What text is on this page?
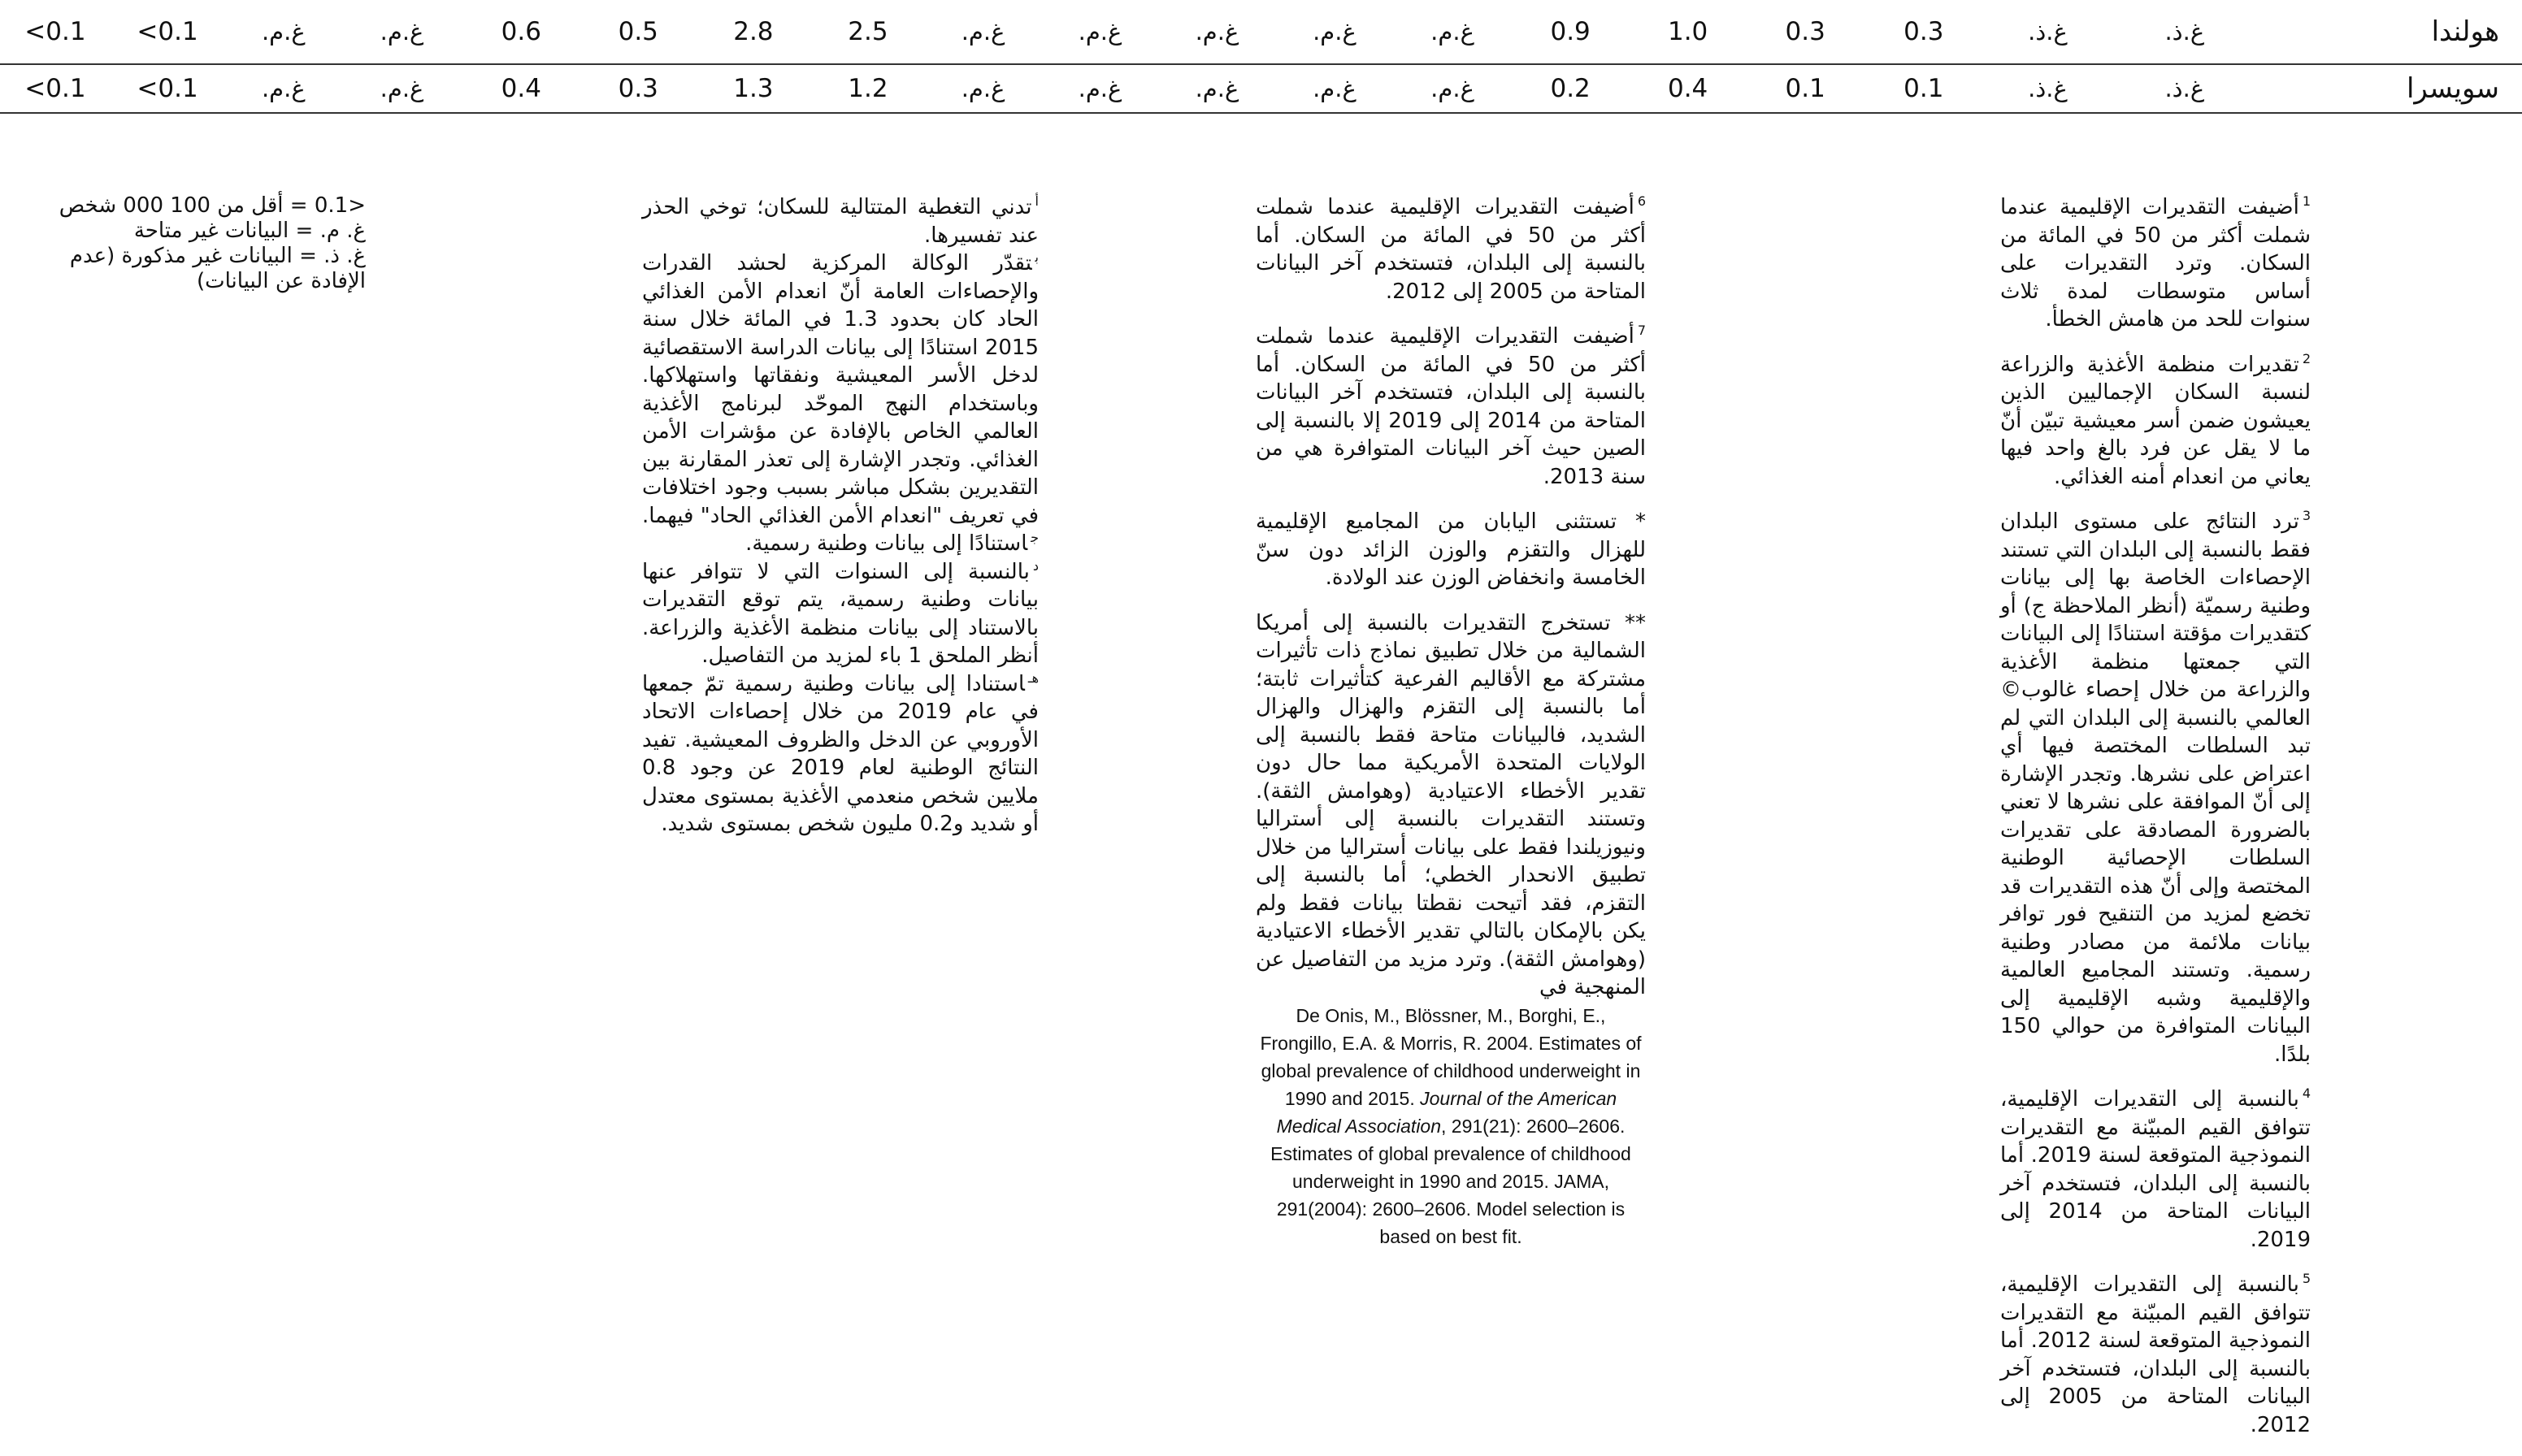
<0.1	<0.1	غ.م.	غ.م.	0.6	0.5	2.8	2.5	غ.م.	غ.م.	غ.م.	غ.م.	غ.م.	0.9	1.0	0.3	0.3	غ.ذ.	غ.ذ.	هولندا
<0.1	<0.1	غ.م.	غ.م.	0.4	0.3	1.3	1.2	غ.م.	غ.م.	غ.م.	غ.م.	غ.م.	0.2	0.4	0.1	0.1	غ.ذ.	غ.ذ.	سويسرا

$^1$أضيفت التقديرات الإقليمية عندما شملت أكثر من 50 في المائة من السكان. وترد التقديرات على أساس متوسطات لمدة ثلاث سنوات للحد من هامش الخطأ.

$^2$تقديرات منظمة الأغذية والزراعة لنسبة السكان الإجماليين الذين يعيشون ضمن أسر معيشية تبيّن أنّ ما لا يقل عن فرد بالغ واحد فيها يعاني من انعدام أمنه الغذائي.

$^3$ترد النتائج على مستوى البلدان فقط بالنسبة إلى البلدان التي تستند الإحصاءات الخاصة بها إلى بيانات وطنية رسميّة (أنظر الملاحظة ج) أو كتقديرات مؤقتة استنادًا إلى البيانات التي جمعتها منظمة الأغذية والزراعة من خلال إحصاء غالوب© العالمي بالنسبة إلى البلدان التي لم تبد السلطات المختصة فيها أي اعتراض على نشرها. وتجدر الإشارة إلى أنّ الموافقة على نشرها لا تعني بالضرورة المصادقة على تقديرات السلطات الإحصائية الوطنية المختصة وإلى أنّ هذه التقديرات قد تخضع لمزيد من التنقيح فور توافر بيانات ملائمة من مصادر وطنية رسمية. وتستند المجاميع العالمية والإقليمية وشبه الإقليمية إلى البيانات المتوافرة من حوالي 150 بلدًا.

$^4$بالنسبة إلى التقديرات الإقليمية، تتوافق القيم المبيّنة مع التقديرات النموذجية المتوقعة لسنة 2019. أما بالنسبة إلى البلدان، فتستخدم آخر البيانات المتاحة من 2014 إلى 2019.

$^5$بالنسبة إلى التقديرات الإقليمية، تتوافق القيم المبيّنة مع التقديرات النموذجية المتوقعة لسنة 2012. أما بالنسبة إلى البلدان، فتستخدم آخر البيانات المتاحة من 2005 إلى 2012.

$^6$أضيفت التقديرات الإقليمية عندما شملت أكثر من 50 في المائة من السكان. أما بالنسبة إلى البلدان، فتستخدم آخر البيانات المتاحة من 2005 إلى 2012.

$^7$أضيفت التقديرات الإقليمية عندما شملت أكثر من 50 في المائة من السكان. أما بالنسبة إلى البلدان، فتستخدم آخر البيانات المتاحة من 2014 إلى 2019 إلا بالنسبة إلى الصين حيث آخر البيانات المتوافرة هي من سنة 2013.

* تستثنى اليابان من المجاميع الإقليمية للهزال والتقزم والوزن الزائد دون سنّ الخامسة وانخفاض الوزن عند الولادة.

** تستخرج التقديرات بالنسبة إلى أمريكا الشمالية من خلال تطبيق نماذج ذات تأثيرات مشتركة مع الأقاليم الفرعية كتأثيرات ثابتة؛ أما بالنسبة إلى التقزم والهزال والهزال الشديد، فالبيانات متاحة فقط بالنسبة إلى الولايات المتحدة الأمريكية مما حال دون تقدير الأخطاء الاعتيادية (وهوامش الثقة). وتستند التقديرات بالنسبة إلى أستراليا ونيوزيلندا فقط على بيانات أستراليا من خلال تطبيق الانحدار الخطي؛ أما بالنسبة إلى التقزم، فقد أتيحت نقطتا بيانات فقط ولم يكن بالإمكان بالتالي تقدير الأخطاء الاعتيادية (وهوامش الثقة). وترد مزيد من التفاصيل عن المنهجية في

De Onis, M., Blössner, M., Borghi, E., Frongillo, E.A. & Morris, R. 2004. Estimates of global prevalence of childhood underweight in 1990 and 2015. Journal of the American Medical Association, 291(21): 2600–2606. Estimates of global prevalence of childhood underweight in 1990 and 2015. JAMA, 291(2004): 2600–2606. Model selection is based on best fit.

$^أ$تدني التغطية المتتالية للسكان؛ توخي الحذر عند تفسيرها.

$^ب$تقدّر الوكالة المركزية لحشد القدرات والإحصاءات العامة أنّ انعدام الأمن الغذائي الحاد كان بحدود 1.3 في المائة خلال سنة 2015 استنادًا إلى بيانات الدراسة الاستقصائية لدخل الأسر المعيشية ونفقاتها واستهلاكها. وباستخدام النهج الموحّد لبرنامج الأغذية العالمي الخاص بالإفادة عن مؤشرات الأمن الغذائي. وتجدر الإشارة إلى تعذر المقارنة بين التقديرين بشكل مباشر بسبب وجود اختلافات في تعريف "انعدام الأمن الغذائي الحاد" فيهما.

$^ج$استنادًا إلى بيانات وطنية رسمية.

$^د$بالنسبة إلى السنوات التي لا تتوافر عنها بيانات وطنية رسمية، يتم توقع التقديرات بالاستناد إلى بيانات منظمة الأغذية والزراعة. أنظر الملحق 1 باء لمزيد من التفاصيل.

$^{هـ}$استنادا إلى بيانات وطنية رسمية تمّ جمعها في عام 2019 من خلال إحصاءات الاتحاد الأوروبي عن الدخل والظروف المعيشية. تفيد النتائج الوطنية لعام 2019 عن وجود 0.8 ملايين شخص منعدمي الأغذية بمستوى معتدل أو شديد و0.2 مليون شخص بمستوى شديد.

<0.1 = أقل من 100 000 شخص

غ. م. = البيانات غير متاحة

غ. ذ. = البيانات غير مذكورة (عدم الإفادة عن البيانات)
